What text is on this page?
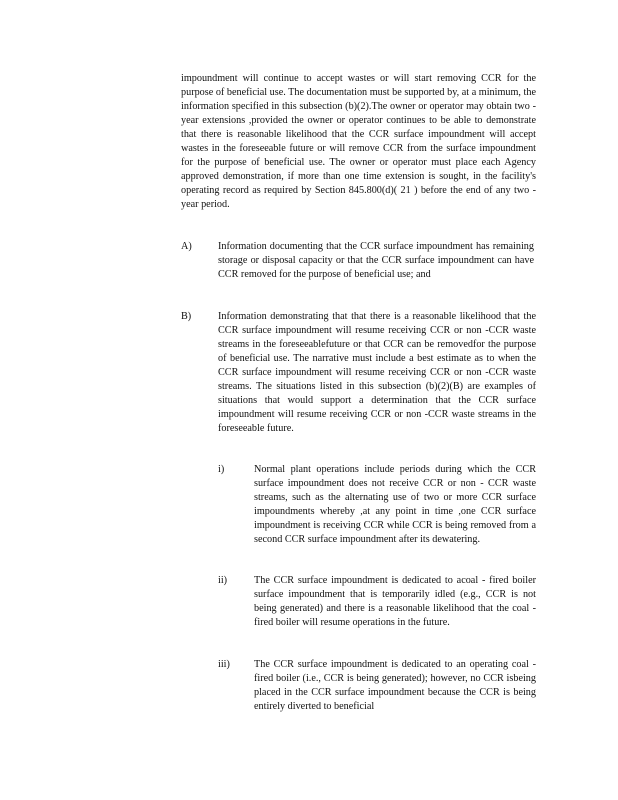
impoundment will continue to accept wastes or will start removing CCR for the purpose of beneficial use. The documentation must be supported by, at a minimum, the information specified in this subsection (b)(2).The owner or operator may obtain two -year extensions ,provided the owner or operator continues to be able to demonstrate that there is reasonable likelihood that the CCR surface impoundment will accept wastes in the foreseeable future or will remove CCR from the surface impoundment for the purpose of beneficial use. The owner or operator must place each Agency approved demonstration, if more than one time extension is sought, in the facility's operating record as required by Section 845.800(d)( 21 ) before the end of any two - year period.

A)	Information documenting that the CCR surface impoundment has remaining storage or disposal capacity or that the CCR surface impoundment can have CCR removed for the purpose of beneficial use; and

B)	Information demonstrating that that there is a reasonable likelihood that the CCR surface impoundment will resume receiving CCR or non -CCR waste streams in the foreseeablefuture or that CCR can be removedfor the purpose of beneficial use. The narrative must include a best estimate as to when the CCR surface impoundment will resume receiving CCR or non -CCR waste streams. The situations listed in this subsection (b)(2)(B) are examples of situations that would support a determination that the CCR surface impoundment will resume receiving CCR or non -CCR waste streams in the foreseeable future.

i)	Normal plant operations include periods during which the CCR surface impoundment does not receive CCR or non - CCR waste streams, such as the alternating use of two or more CCR surface impoundments whereby ,at any point in time ,one CCR surface impoundment is receiving CCR while CCR is being removed from a second CCR surface impoundment after its dewatering.

ii)	The CCR surface impoundment is dedicated to acoal - fired boiler surface impoundment that is temporarily idled (e.g., CCR is not being generated) and there is a reasonable likelihood that the coal -fired boiler will resume operations in the future.

iii) The CCR surface impoundment is dedicated to an operating coal -fired boiler (i.e., CCR is being generated); however, no CCR isbeing placed in the CCR surface impoundment because the CCR is being entirely diverted to beneficial
